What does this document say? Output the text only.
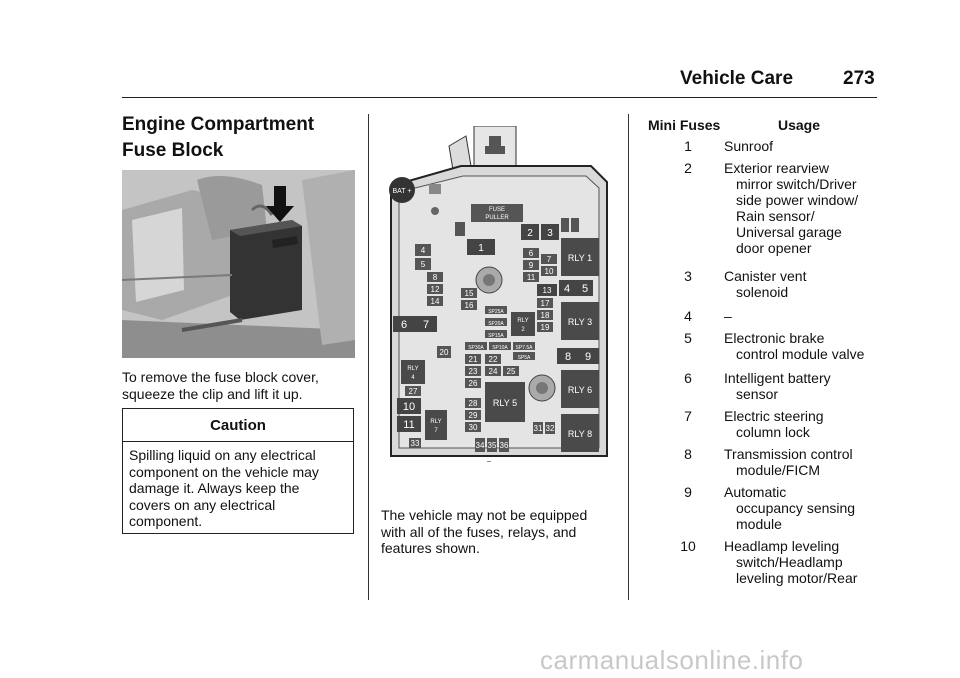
Vehicle Care	273
Engine Compartment
Fuse Block
To remove the fuse block cover,
squeeze the clip and lift it up.
Caution
Spilling liquid on any electrical
component on the vehicle may
damage it. Always keep the
covers on any electrical
component.
BAT +
FUSE
PULLER
1
2 3
RLY 1
SP25A
SP20A
SP15A
RLY
2
RLY 3
SP30A SP10A SP7.5A
SP5A
RLY
4
RLY 5
RLY 6
RLY
7	RLY 8
−
4
5
6
7
8
9
10
11
12	13
14
15
16	17
18
19
20
21 22
23 24 25
26
27
28
29
30	31 32
33	34 35 36
6 7
8 9
10
11
4 5
The vehicle may not be equipped
with all of the fuses, relays, and
features shown.
Mini Fuses	Usage
1	Sunroof
2	Exterior rearview
mirror switch/Driver
side power window/
Rain sensor/
Universal garage
door opener
3	Canister vent
solenoid
4	–
5	Electronic brake
control module valve
6	Intelligent battery
sensor
7	Electric steering
column lock
8	Transmission control
module/FICM
9	Automatic
occupancy sensing
module
10	Headlamp leveling
switch/Headlamp
leveling motor/Rear
carmanualsonline.info
